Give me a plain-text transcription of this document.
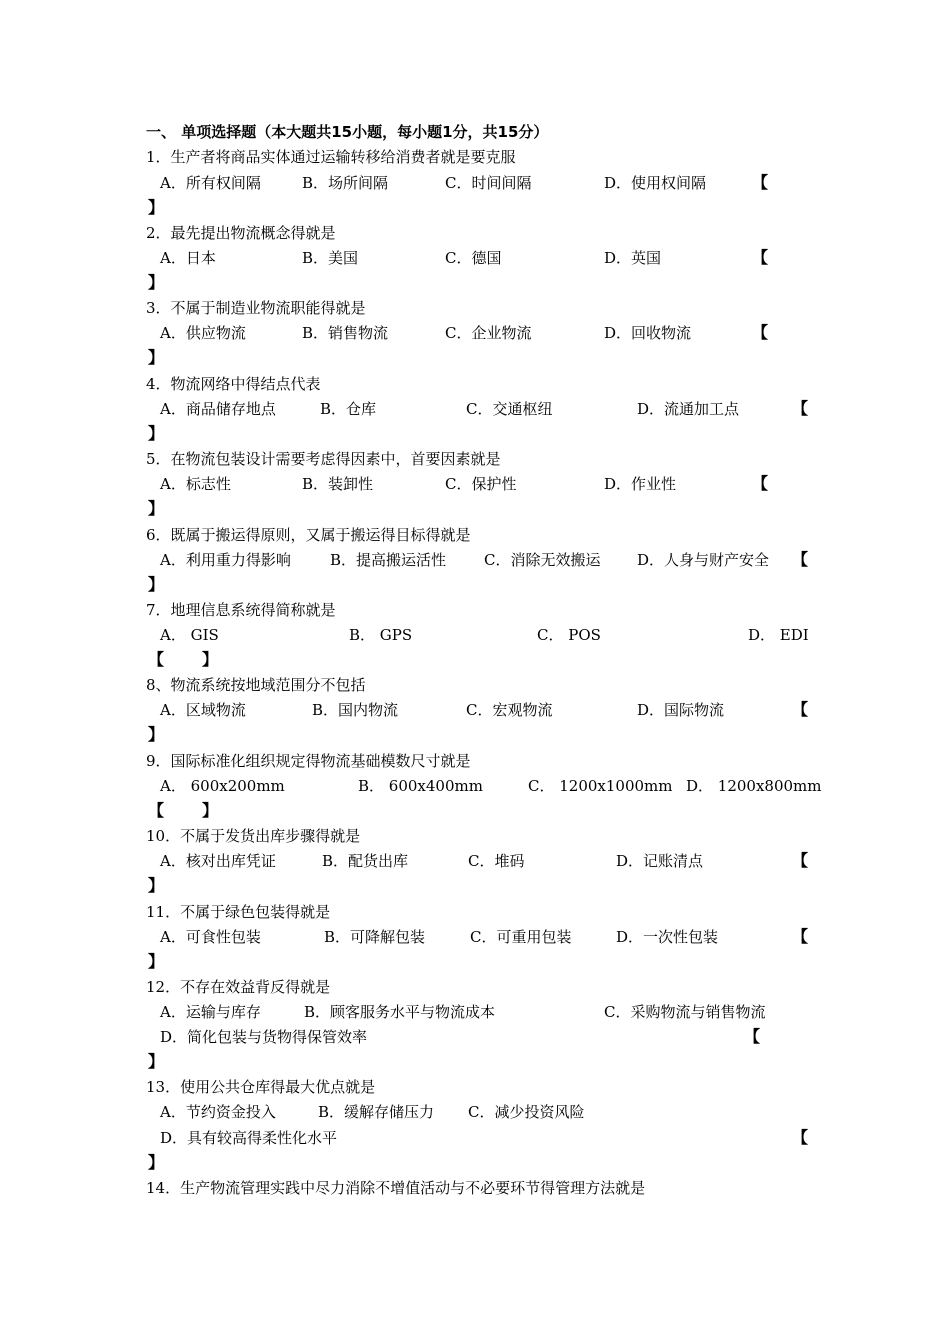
一、 单项选择题（本大题共15小题，每小题1分，共15分）
1．生产者将商品实体通过运输转移给消费者就是要克服
A．所有权间隔	B．场所间隔	C．时间间隔	D．使用权间隔	【
】
2．最先提出物流概念得就是
A．日本	B．美国	C．德国	D．英国	【
】
3．不属于制造业物流职能得就是
A．供应物流	B．销售物流	C．企业物流	D．回收物流	【
】
4．物流网络中得结点代表
A．商品储存地点	B．仓库	C．交通枢纽	D．流通加工点	【
】
5．在物流包装设计需要考虑得因素中，首要因素就是
A．标志性	B．装卸性	C．保护性	D．作业性	【
】
6．既属于搬运得原则，又属于搬运得目标得就是
A．利用重力得影响	B．提高搬运活性	C．消除无效搬运 D．人身与财产安全 【
】
7．地理信息系统得简称就是
A． GIS	B． GPS	C． POS	D． EDI
【 】
8、物流系统按地域范围分不包括
A．区域物流	B．国内物流	C．宏观物流	D．国际物流	【
】
9．国际标准化组织规定得物流基础模数尺寸就是
A． 600x200mm	B． 600x400mm	C． 1200x1000mm D． 1200x800mm
【 】
10．不属于发货出库步骤得就是
A．核对出库凭证	B．配货出库	C．堆码	D．记账清点	【
】
11．不属于绿色包装得就是
A．可食性包装	B．可降解包装	C．可重用包装	D．一次性包装	【
】
12．不存在效益背反得就是
A．运输与库存	B．顾客服务水平与物流成本	C．采购物流与销售物流
D．简化包装与货物得保管效率	【
】
13．使用公共仓库得最大优点就是
A．节约资金投入	B．缓解存储压力 C．减少投资风险
D．具有较高得柔性化水平	【
】
14．生产物流管理实践中尽力消除不增值活动与不必要环节得管理方法就是
